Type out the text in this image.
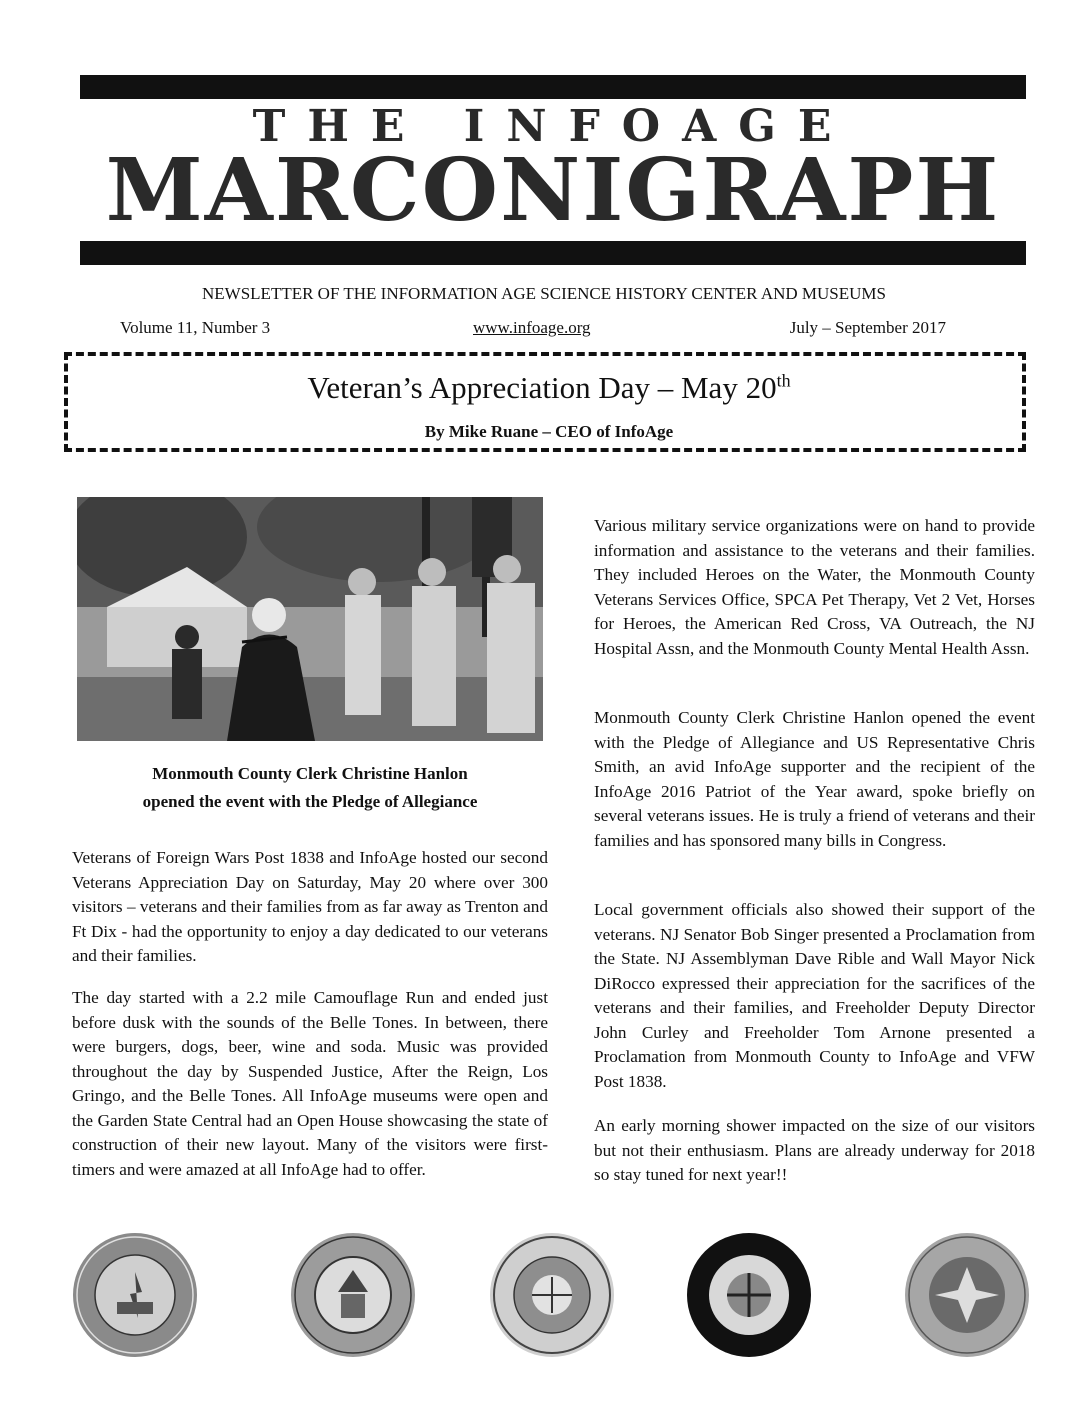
THE INFOAGE
MARCONIGRAPH
NEWSLETTER OF THE INFORMATION AGE SCIENCE HISTORY CENTER AND MUSEUMS
Volume 11, Number 3	www.infoage.org	July – September 2017
Veteran’s Appreciation Day – May 20th
By Mike Ruane – CEO of InfoAge
Monmouth County Clerk Christine Hanlon
opened the event with the Pledge of Allegiance
Veterans of Foreign Wars Post 1838 and InfoAge hosted our second Veterans Appreciation Day on Saturday, May 20 where over 300 visitors – veterans and their families from as far away as Trenton and Ft Dix - had the opportunity to enjoy a day dedicated to our veterans and their families.
The day started with a 2.2 mile Camouflage Run and ended just before dusk with the sounds of the Belle Tones. In between, there were burgers, dogs, beer, wine and soda. Music was provided throughout the day by Suspended Justice, After the Reign, Los Gringo, and the Belle Tones. All InfoAge museums were open and the Garden State Central had an Open House showcasing the state of construction of their new layout. Many of the visitors were first-timers and were amazed at all InfoAge had to offer.
Various military service organizations were on hand to provide information and assistance to the veterans and their families. They included Heroes on the Water, the Monmouth County Veterans Services Office, SPCA Pet Therapy, Vet 2 Vet, Horses for Heroes, the American Red Cross, VA Outreach, the NJ Hospital Assn, and the Monmouth County Mental Health Assn.
Monmouth County Clerk Christine Hanlon opened the event with the Pledge of Allegiance and US Representative Chris Smith, an avid InfoAge supporter and the recipient of the InfoAge 2016 Patriot of the Year award, spoke briefly on several veterans issues. He is truly a friend of veterans and their families and has sponsored many bills in Congress.
Local government officials also showed their support of the veterans. NJ Senator Bob Singer presented a Proclamation from the State. NJ Assemblyman Dave Rible and Wall Mayor Nick DiRocco expressed their appreciation for the sacrifices of the veterans and their families, and Freeholder Deputy Director John Curley and Freeholder Tom Arnone presented a Proclamation from Monmouth County to InfoAge and VFW Post 1838.
An early morning shower impacted on the size of our visitors but not their enthusiasm. Plans are already underway for 2018 so stay tuned for next year!!
